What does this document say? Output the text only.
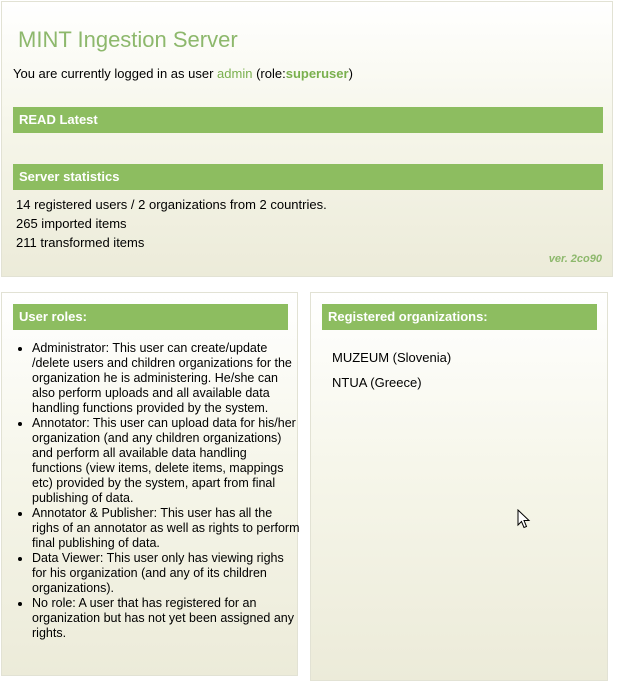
MINT Ingestion Server
You are currently logged in as user admin (role:superuser)
READ Latest
Server statistics
14 registered users / 2 organizations from 2 countries.
265 imported items
211 transformed items
ver. 2co90
User roles:
• Administrator: This user can create/update /delete users and children organizations for the organization he is administering. He/she can also perform uploads and all available data handling functions provided by the system.
• Annotator: This user can upload data for his/her organization (and any children organizations) and perform all available data handling functions (view items, delete items, mappings etc) provided by the system, apart from final publishing of data.
• Annotator & Publisher: This user has all the righs of an annotator as well as rights to perform final publishing of data.
• Data Viewer: This user only has viewing righs for his organization (and any of its children organizations).
• No role: A user that has registered for an organization but has not yet been assigned any rights.
Registered organizations:
MUZEUM (Slovenia)
NTUA (Greece)
